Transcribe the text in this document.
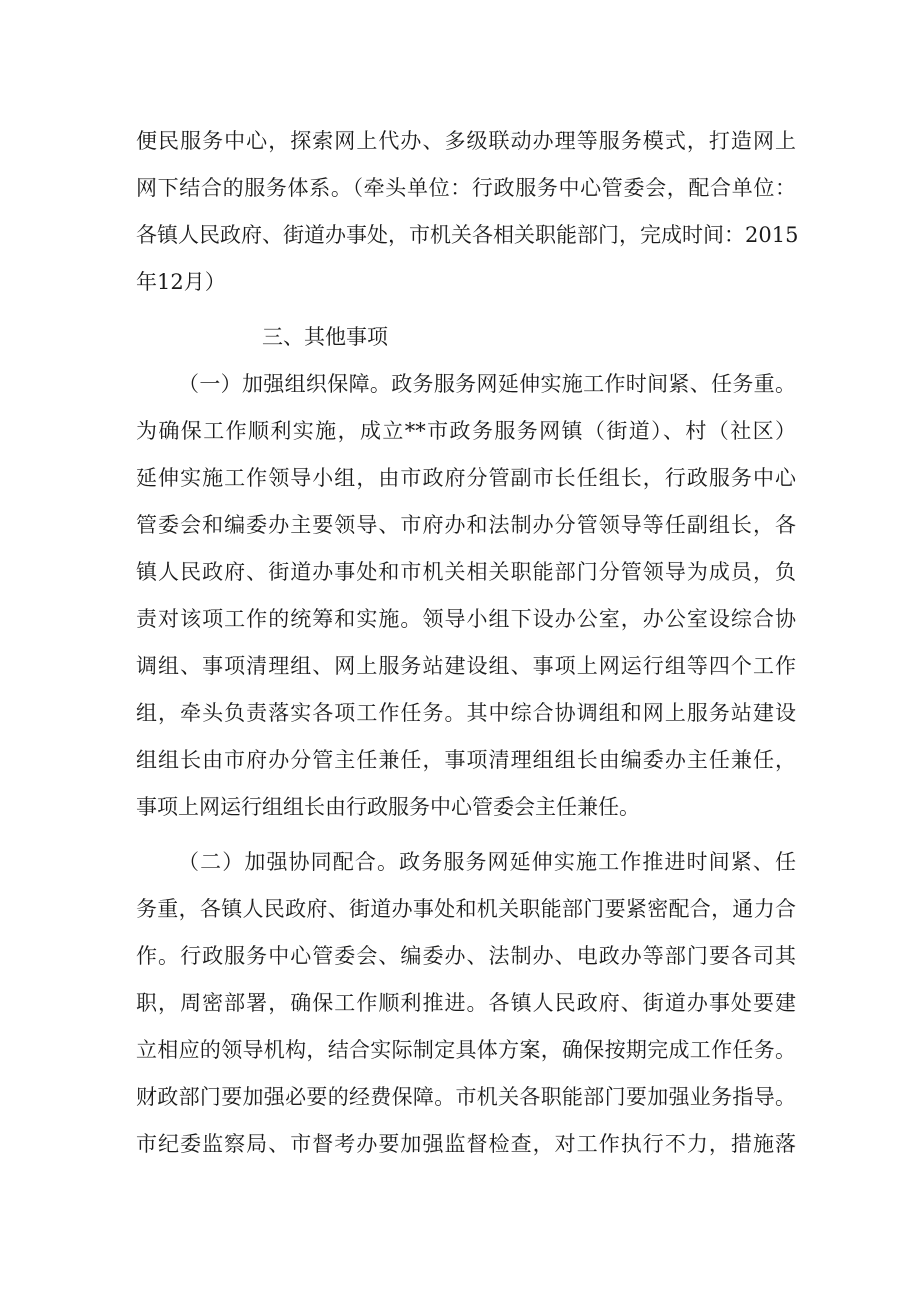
便民服务中心，探索网上代办、多级联动办理等服务模式，打造网上
网下结合的服务体系。（牵头单位：行政服务中心管委会，配合单位：
各镇人民政府、街道办事处，市机关各相关职能部门，完成时间：2015
年12月）
三、其他事项
（一）加强组织保障。政务服务网延伸实施工作时间紧、任务重。
为确保工作顺利实施，成立**市政务服务网镇（街道）、村（社区）
延伸实施工作领导小组，由市政府分管副市长任组长，行政服务中心
管委会和编委办主要领导、市府办和法制办分管领导等任副组长，各
镇人民政府、街道办事处和市机关相关职能部门分管领导为成员，负
责对该项工作的统筹和实施。领导小组下设办公室，办公室设综合协
调组、事项清理组、网上服务站建设组、事项上网运行组等四个工作
组，牵头负责落实各项工作任务。其中综合协调组和网上服务站建设
组组长由市府办分管主任兼任，事项清理组组长由编委办主任兼任，
事项上网运行组组长由行政服务中心管委会主任兼任。
（二）加强协同配合。政务服务网延伸实施工作推进时间紧、任
务重，各镇人民政府、街道办事处和机关职能部门要紧密配合，通力合
作。行政服务中心管委会、编委办、法制办、电政办等部门要各司其
职，周密部署，确保工作顺利推进。各镇人民政府、街道办事处要建
立相应的领导机构，结合实际制定具体方案，确保按期完成工作任务。
财政部门要加强必要的经费保障。市机关各职能部门要加强业务指导。
市纪委监察局、市督考办要加强监督检查，对工作执行不力，措施落
